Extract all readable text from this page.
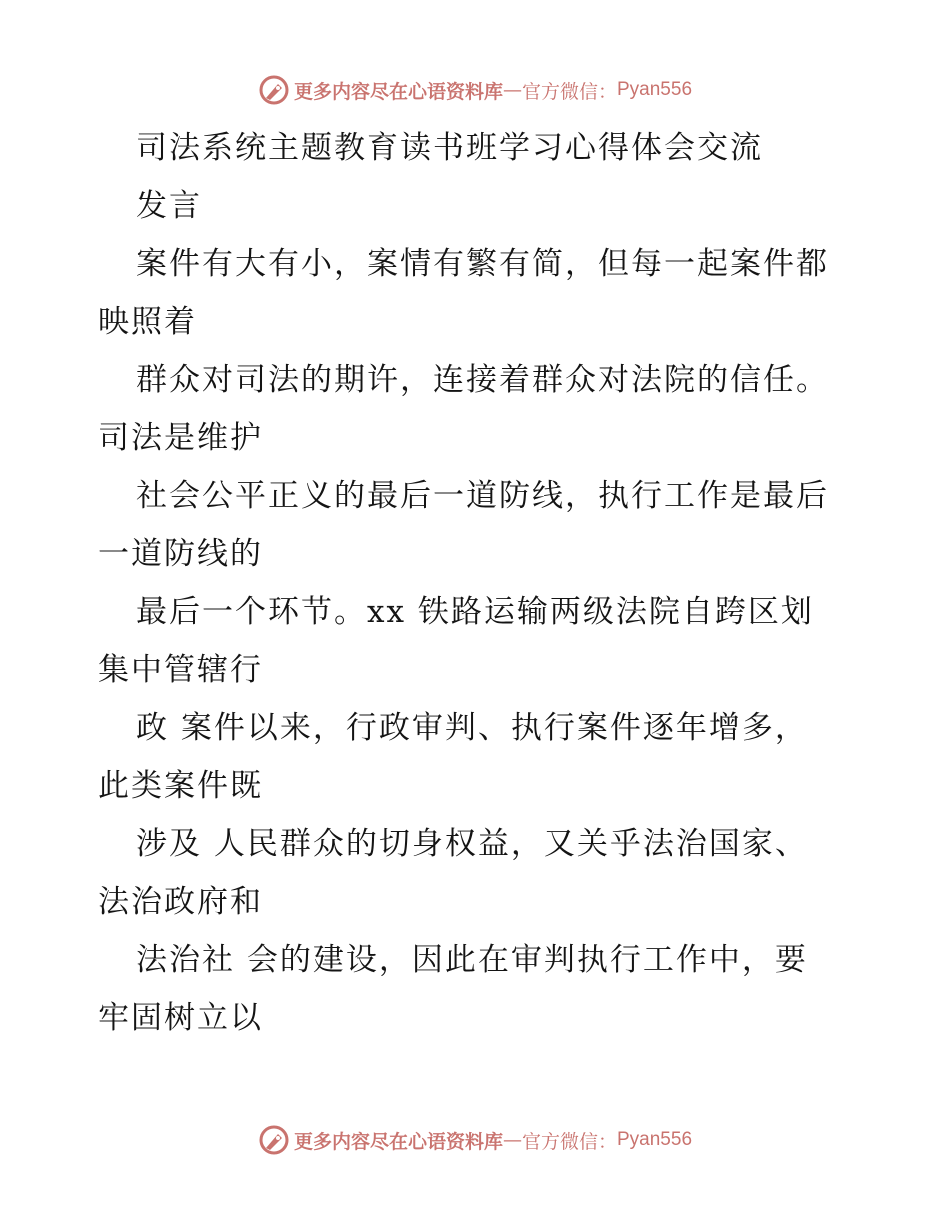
更多内容尽在心语资料库 — 官方微信： Pyan556
司法系统主题教育读书班学习心得体会交流
发言
案件有大有小，案情有繁有简，但每一起案件都
映照着
群众对司法的期许，连接着群众对法院的信任。
司法是维护
社会公平正义的最后一道防线，执行工作是最后
一道防线的
最后一个环节。xx 铁路运输两级法院自跨区划
集中管辖行
政 案件以来，行政审判、执行案件逐年增多，
此类案件既
涉及 人民群众的切身权益，又关乎法治国家、
法治政府和
法治社 会的建设，因此在审判执行工作中，要
牢固树立以
更多内容尽在心语资料库 — 官方微信： Pyan556
